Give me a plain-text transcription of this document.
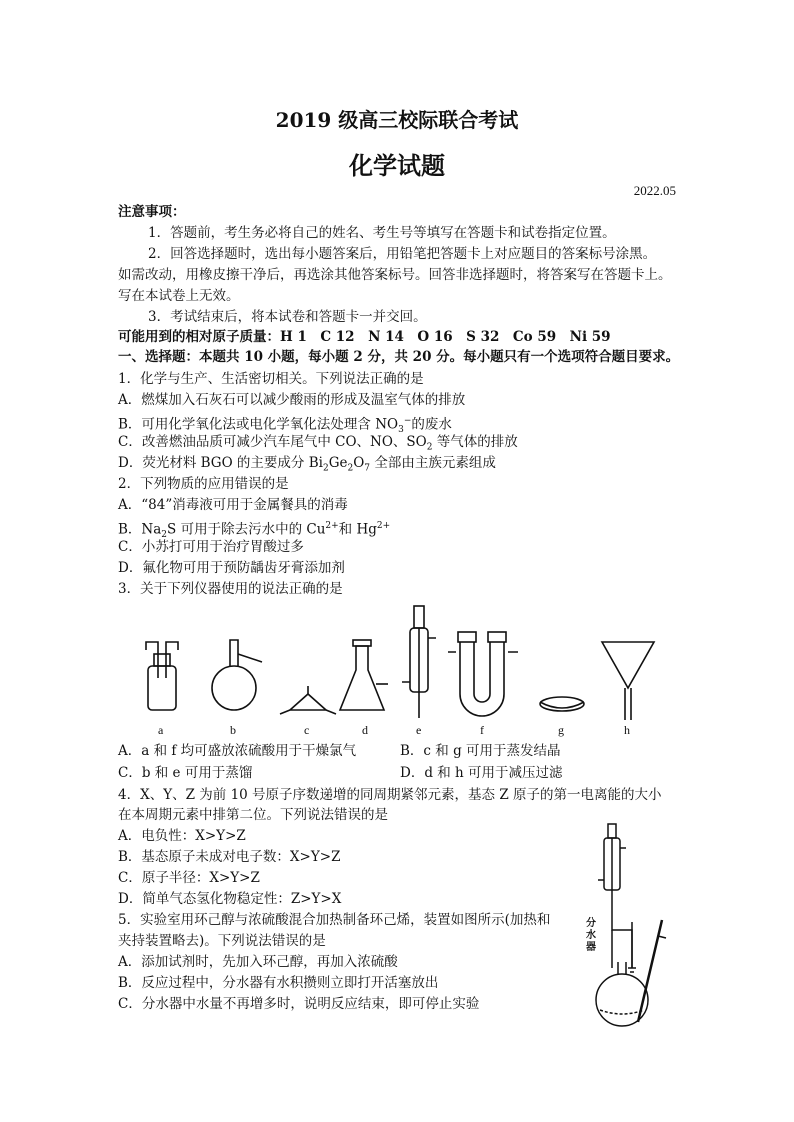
2019 级高三校际联合考试
化学试题
2022.05
注意事项：
1．答题前，考生务必将自己的姓名、考生号等填写在答题卡和试卷指定位置。
2．回答选择题时，选出每小题答案后，用铅笔把答题卡上对应题目的答案标号涂黑。
如需改动，用橡皮擦干净后，再选涂其他答案标号。回答非选择题时，将答案写在答题卡上。
写在本试卷上无效。
3．考试结束后，将本试卷和答题卡一并交回。
可能用到的相对原子质量：H 1　C 12　N 14　O 16　S 32　Co 59　Ni 59
一、选择题：本题共 10 小题，每小题 2 分，共 20 分。每小题只有一个选项符合题目要求。
1．化学与生产、生活密切相关。下列说法正确的是
A．燃煤加入石灰石可以减少酸雨的形成及温室气体的排放
B．可用化学氧化法或电化学氧化法处理含 $NO_3^-$的废水
C．改善燃油品质可减少汽车尾气中 CO、NO、$SO_2$ 等气体的排放
D．荧光材料 BGO 的主要成分 $Bi_2Ge_2O_7$ 全部由主族元素组成
2．下列物质的应用错误的是
A．“84”消毒液可用于金属餐具的消毒
B．$Na_2S$ 可用于除去污水中的 $Cu^{2+}$和 $Hg^{2+}$
C．小苏打可用于治疗胃酸过多
D．氟化物可用于预防龋齿牙膏添加剂
3．关于下列仪器使用的说法正确的是
a	b	c	d	e	f	g	h
A．a 和 f 均可盛放浓硫酸用于干燥氯气	B．c 和 g 可用于蒸发结晶
C．b 和 e 可用于蒸馏	D．d 和 h 可用于减压过滤
4．X、Y、Z 为前 10 号原子序数递增的同周期紧邻元素，基态 Z 原子的第一电离能的大小
在本周期元素中排第二位。下列说法错误的是
A．电负性：X>Y>Z
B．基态原子未成对电子数：X>Y>Z
C．原子半径：X>Y>Z
D．简单气态氢化物稳定性：Z>Y>X
5．实验室用环己醇与浓硫酸混合加热制备环己烯，装置如图所示(加热和
夹持装置略去)。下列说法错误的是
A．添加试剂时，先加入环己醇，再加入浓硫酸
B．反应过程中，分水器有水积攒则立即打开活塞放出
C．分水器中水量不再增多时，说明反应结束，即可停止实验
分
水
器
